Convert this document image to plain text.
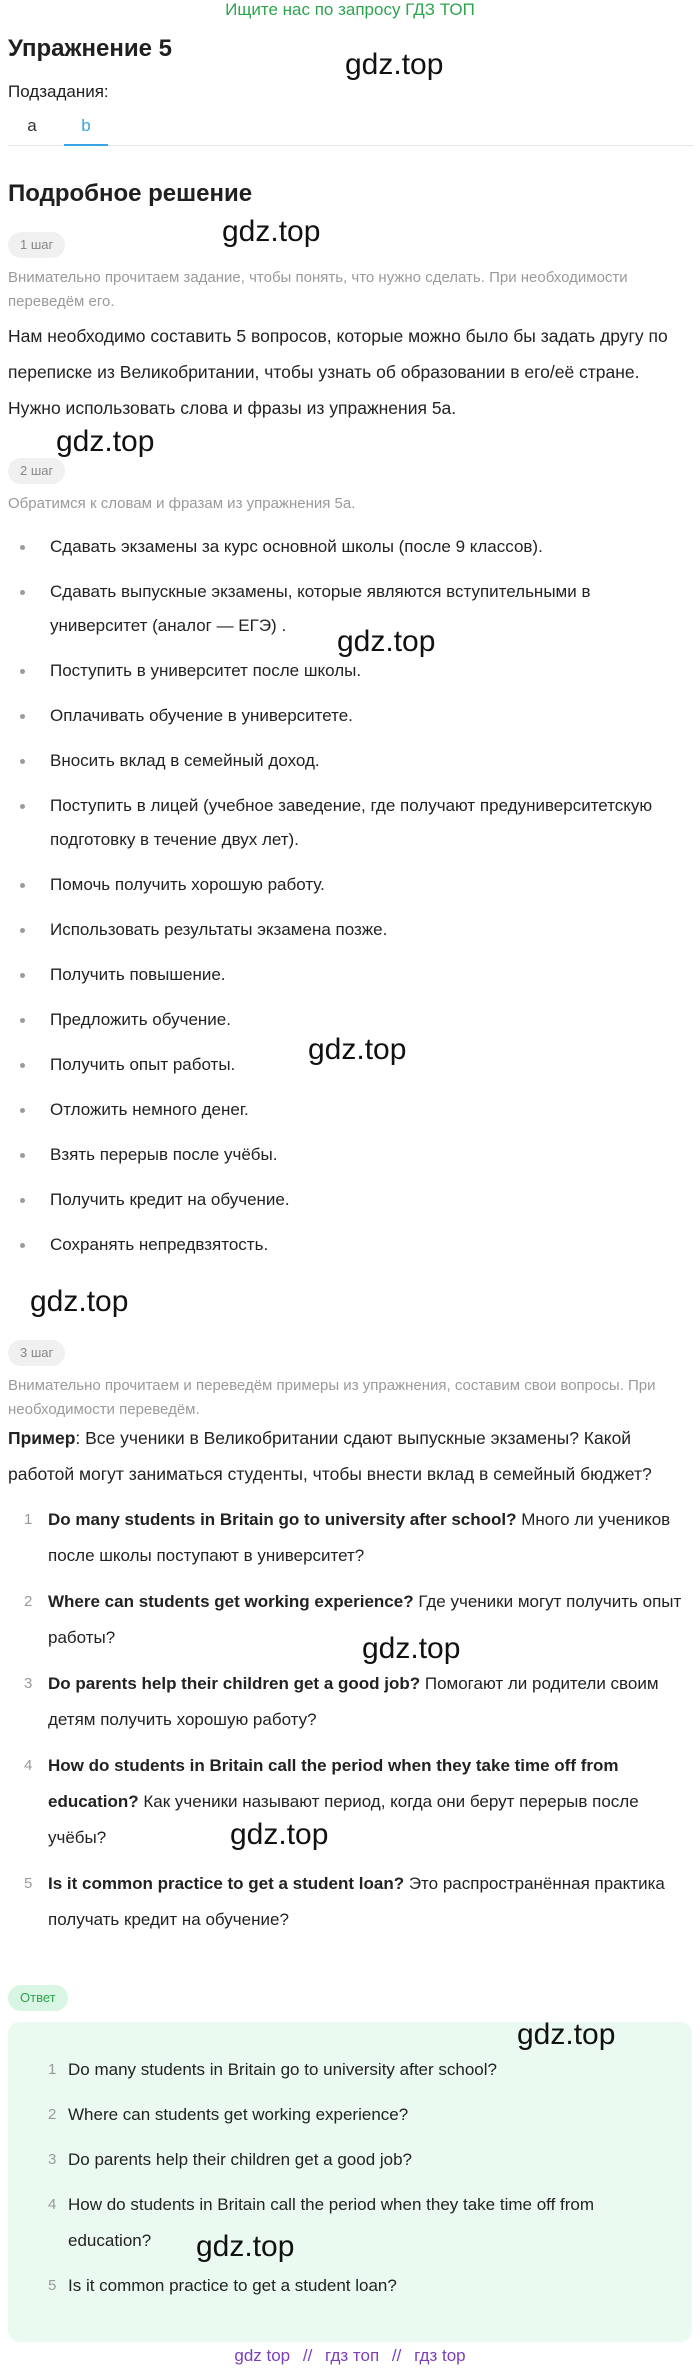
Ищите нас по запросу ГДЗ ТОП
Упражнение 5
Подзадания:
a	b
Подробное решение
1 шаг
Внимательно прочитаем задание, чтобы понять, что нужно сделать. При необходимости переведём его.
Нам необходимо составить 5 вопросов, которые можно было бы задать другу по переписке из Великобритании, чтобы узнать об образовании в его/её стране. Нужно использовать слова и фразы из упражнения 5а.
2 шаг
Обратимся к словам и фразам из упражнения 5а.
Сдавать экзамены за курс основной школы (после 9 классов).
Сдавать выпускные экзамены, которые являются вступительными в университет (аналог — ЕГЭ) .
Поступить в университет после школы.
Оплачивать обучение в университете.
Вносить вклад в семейный доход.
Поступить в лицей (учебное заведение, где получают предуниверситетскую подготовку в течение двух лет).
Помочь получить хорошую работу.
Использовать результаты экзамена позже.
Получить повышение.
Предложить обучение.
Получить опыт работы.
Отложить немного денег.
Взять перерыв после учёбы.
Получить кредит на обучение.
Сохранять непредвзятость.
3 шаг
Внимательно прочитаем и переведём примеры из упражнения, составим свои вопросы. При необходимости переведём.
Пример: Все ученики в Великобритании сдают выпускные экзамены? Какой работой могут заниматься студенты, чтобы внести вклад в семейный бюджет?
1 Do many students in Britain go to university after school? Много ли учеников после школы поступают в университет?
2 Where can students get working experience? Где ученики могут получить опыт работы?
3 Do parents help their children get a good job? Помогают ли родители своим детям получить хорошую работу?
4 How do students in Britain call the period when they take time off from education? Как ученики называют период, когда они берут перерыв после учёбы?
5 Is it common practice to get a student loan? Это распространённая практика получать кредит на обучение?
Ответ
1 Do many students in Britain go to university after school?
2 Where can students get working experience?
3 Do parents help their children get a good job?
4 How do students in Britain call the period when they take time off from education?
5 Is it common practice to get a student loan?
gdz top // гдз топ // гдз top
gdz.top
gdz.top
gdz.top
gdz.top
gdz.top
gdz.top
gdz.top
gdz.top
gdz.top
gdz.top
